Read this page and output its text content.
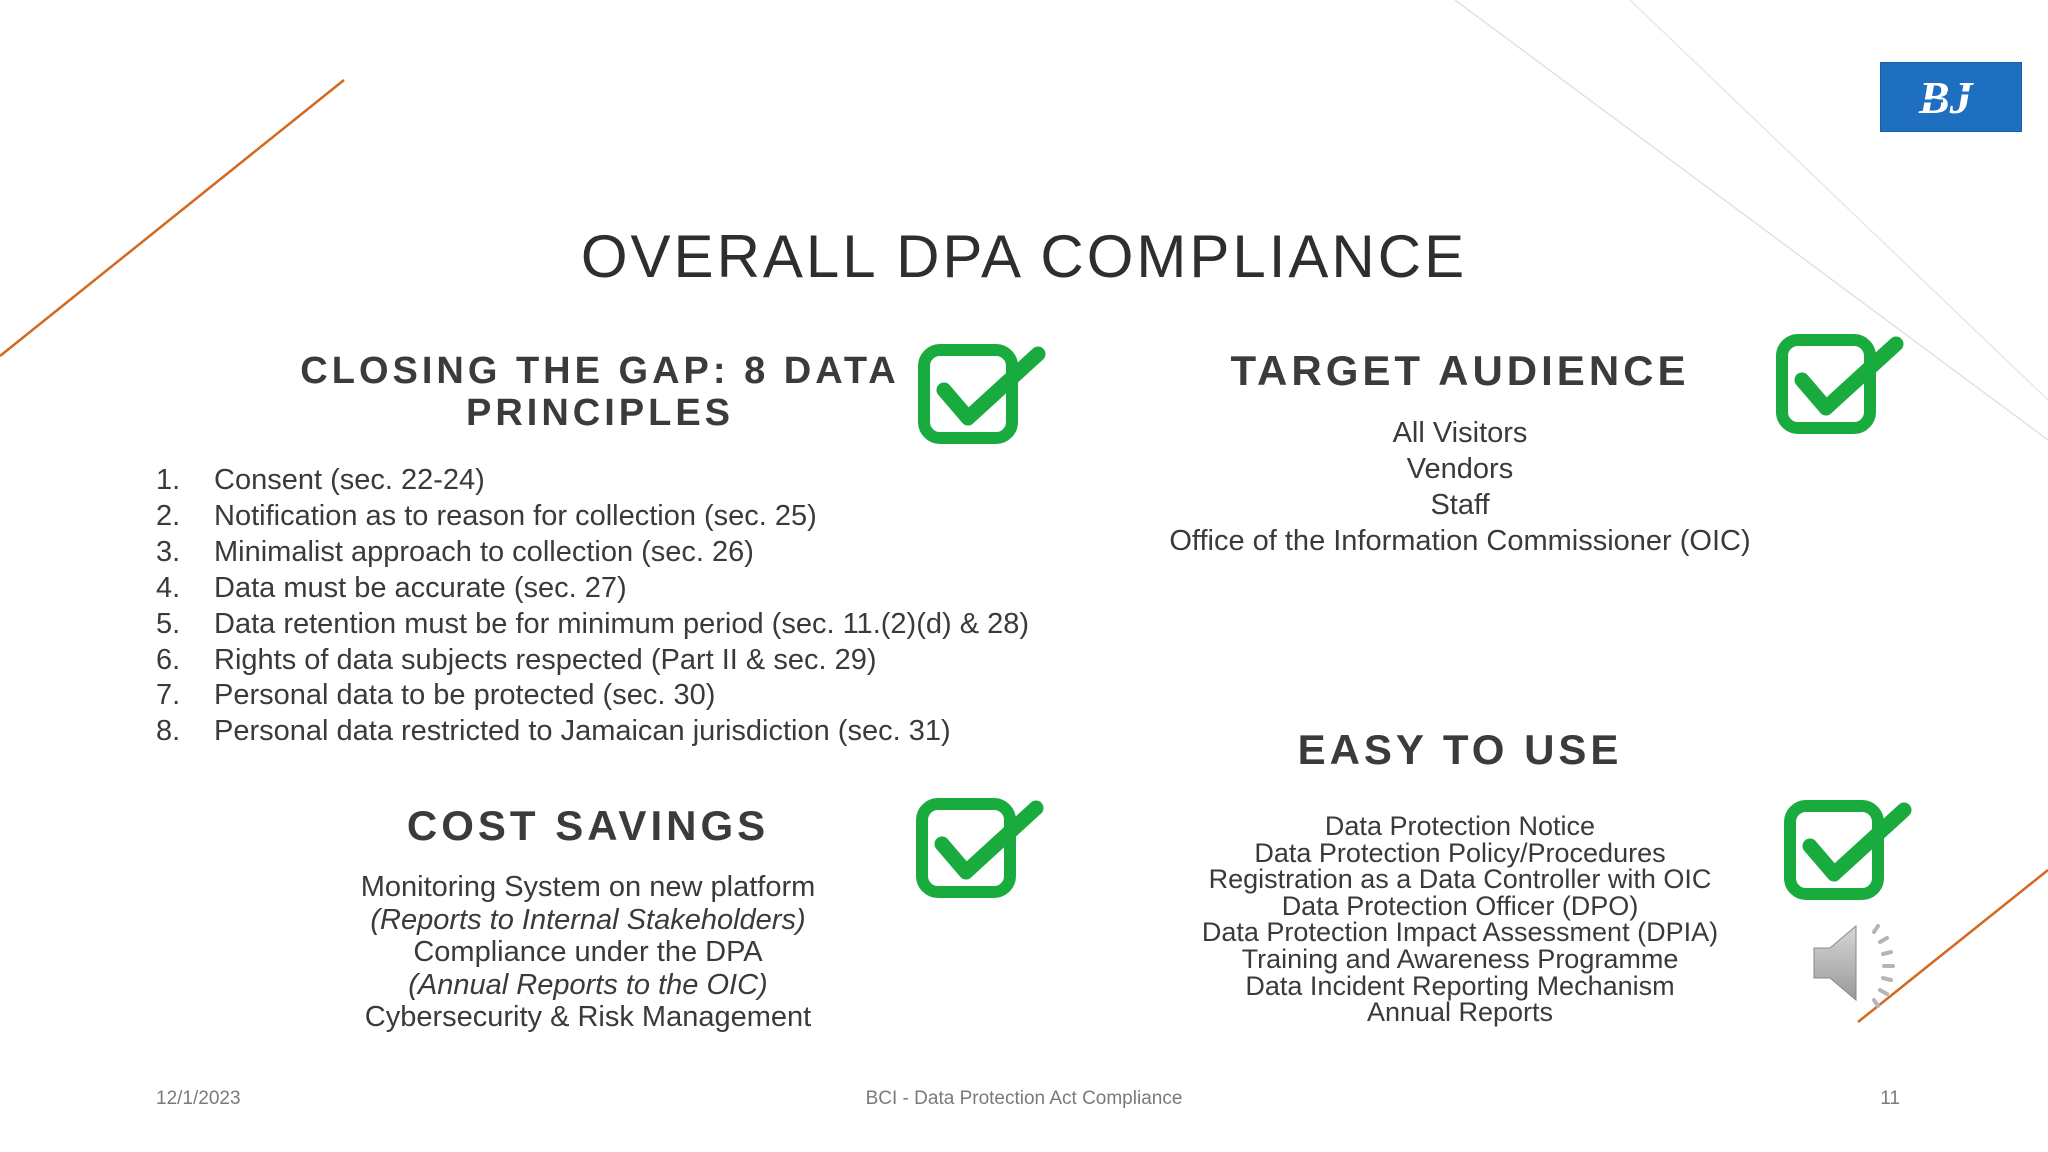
BJ
OVERALL DPA COMPLIANCE
CLOSING THE GAP: 8 DATA PRINCIPLES
1.	Consent (sec. 22-24)
2.	Notification as to reason for collection (sec. 25)
3.	Minimalist approach to collection (sec. 26)
4.	Data must be accurate (sec. 27)
5.	Data retention must be for minimum period (sec. 11.(2)(d) & 28)
6.	Rights of data subjects respected (Part II & sec. 29)
7.	Personal data to be protected (sec. 30)
8.	Personal data restricted to Jamaican jurisdiction (sec. 31)
TARGET AUDIENCE
All Visitors
Vendors
Staff
Office of the Information Commissioner (OIC)
COST SAVINGS
Monitoring System on new platform
(Reports to Internal Stakeholders)
Compliance under the DPA
(Annual Reports to the OIC)
Cybersecurity & Risk Management
EASY TO USE
Data Protection Notice
Data Protection Policy/Procedures
Registration as a Data Controller with OIC
Data Protection Officer (DPO)
Data Protection Impact Assessment (DPIA)
Training and Awareness Programme
Data Incident Reporting Mechanism
Annual Reports
12/1/2023	BCI - Data Protection Act Compliance	11
